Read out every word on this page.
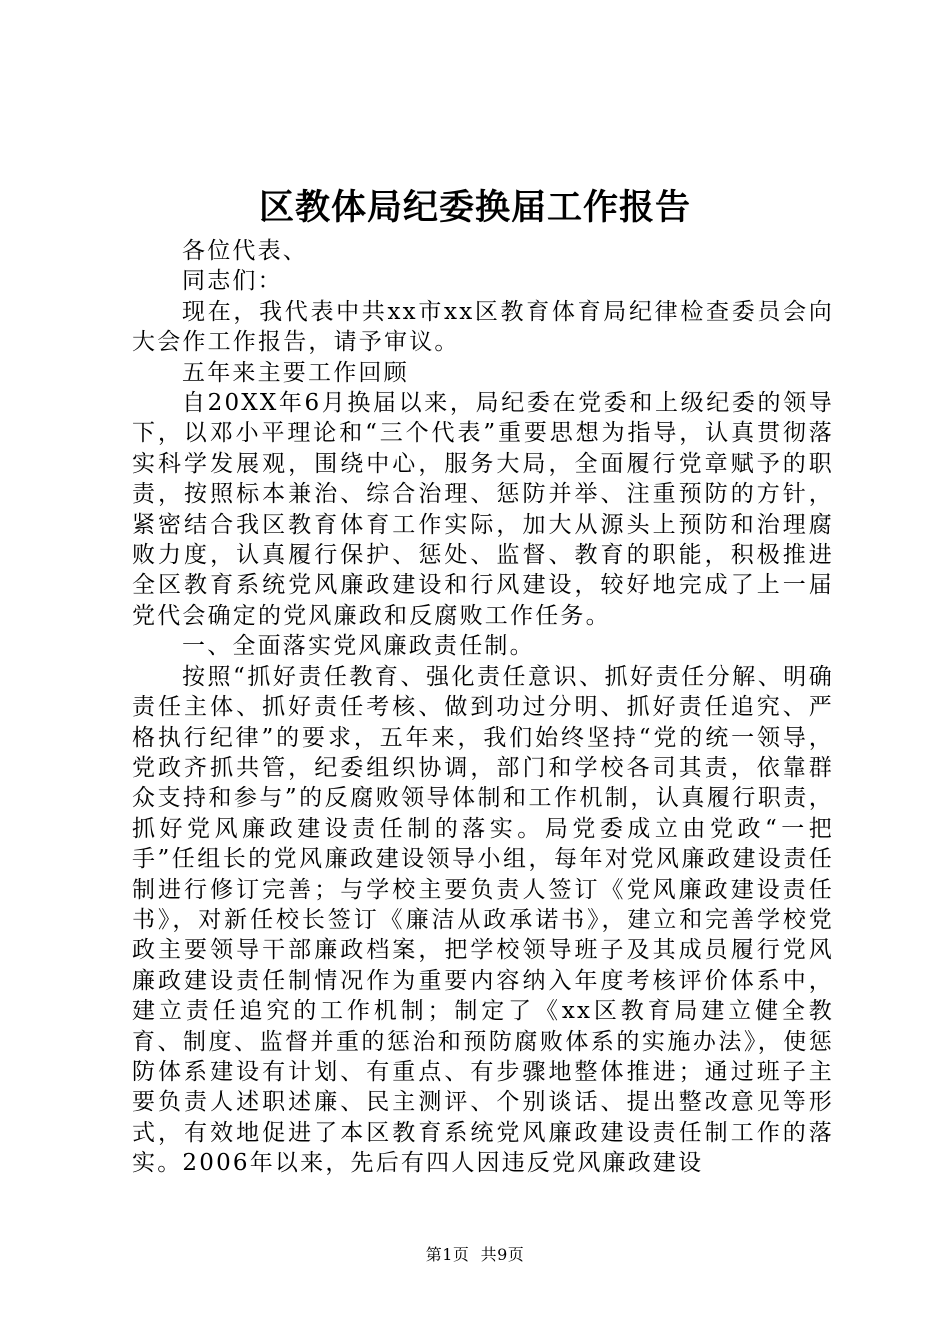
区教体局纪委换届工作报告

各位代表、

同志们：

现在，我代表中共xx市xx区教育体育局纪律检查委员会向大会作工作报告，请予审议。

五年来主要工作回顾

自20XX年6月换届以来，局纪委在党委和上级纪委的领导下，以邓小平理论和“三个代表”重要思想为指导，认真贯彻落实科学发展观，围绕中心，服务大局，全面履行党章赋予的职责，按照标本兼治、综合治理、惩防并举、注重预防的方针，紧密结合我区教育体育工作实际，加大从源头上预防和治理腐败力度，认真履行保护、惩处、监督、教育的职能，积极推进全区教育系统党风廉政建设和行风建设，较好地完成了上一届党代会确定的党风廉政和反腐败工作任务。

一、全面落实党风廉政责任制。

按照“抓好责任教育、强化责任意识、抓好责任分解、明确责任主体、抓好责任考核、做到功过分明、抓好责任追究、严格执行纪律”的要求，五年来，我们始终坚持“党的统一领导，党政齐抓共管，纪委组织协调，部门和学校各司其责，依靠群众支持和参与”的反腐败领导体制和工作机制，认真履行职责，抓好党风廉政建设责任制的落实。局党委成立由党政“一把手”任组长的党风廉政建设领导小组，每年对党风廉政建设责任制进行修订完善；与学校主要负责人签订《党风廉政建设责任书》，对新任校长签订《廉洁从政承诺书》，建立和完善学校党政主要领导干部廉政档案，把学校领导班子及其成员履行党风廉政建设责任制情况作为重要内容纳入年度考核评价体系中，建立责任追究的工作机制；制定了《xx区教育局建立健全教育、制度、监督并重的惩治和预防腐败体系的实施办法》，使惩防体系建设有计划、有重点、有步骤地整体推进；通过班子主要负责人述职述廉、民主测评、个别谈话、提出整改意见等形式，有效地促进了本区教育系统党风廉政建设责任制工作的落实。2006年以来，先后有四人因违反党风廉政建设

第1页  共9页
